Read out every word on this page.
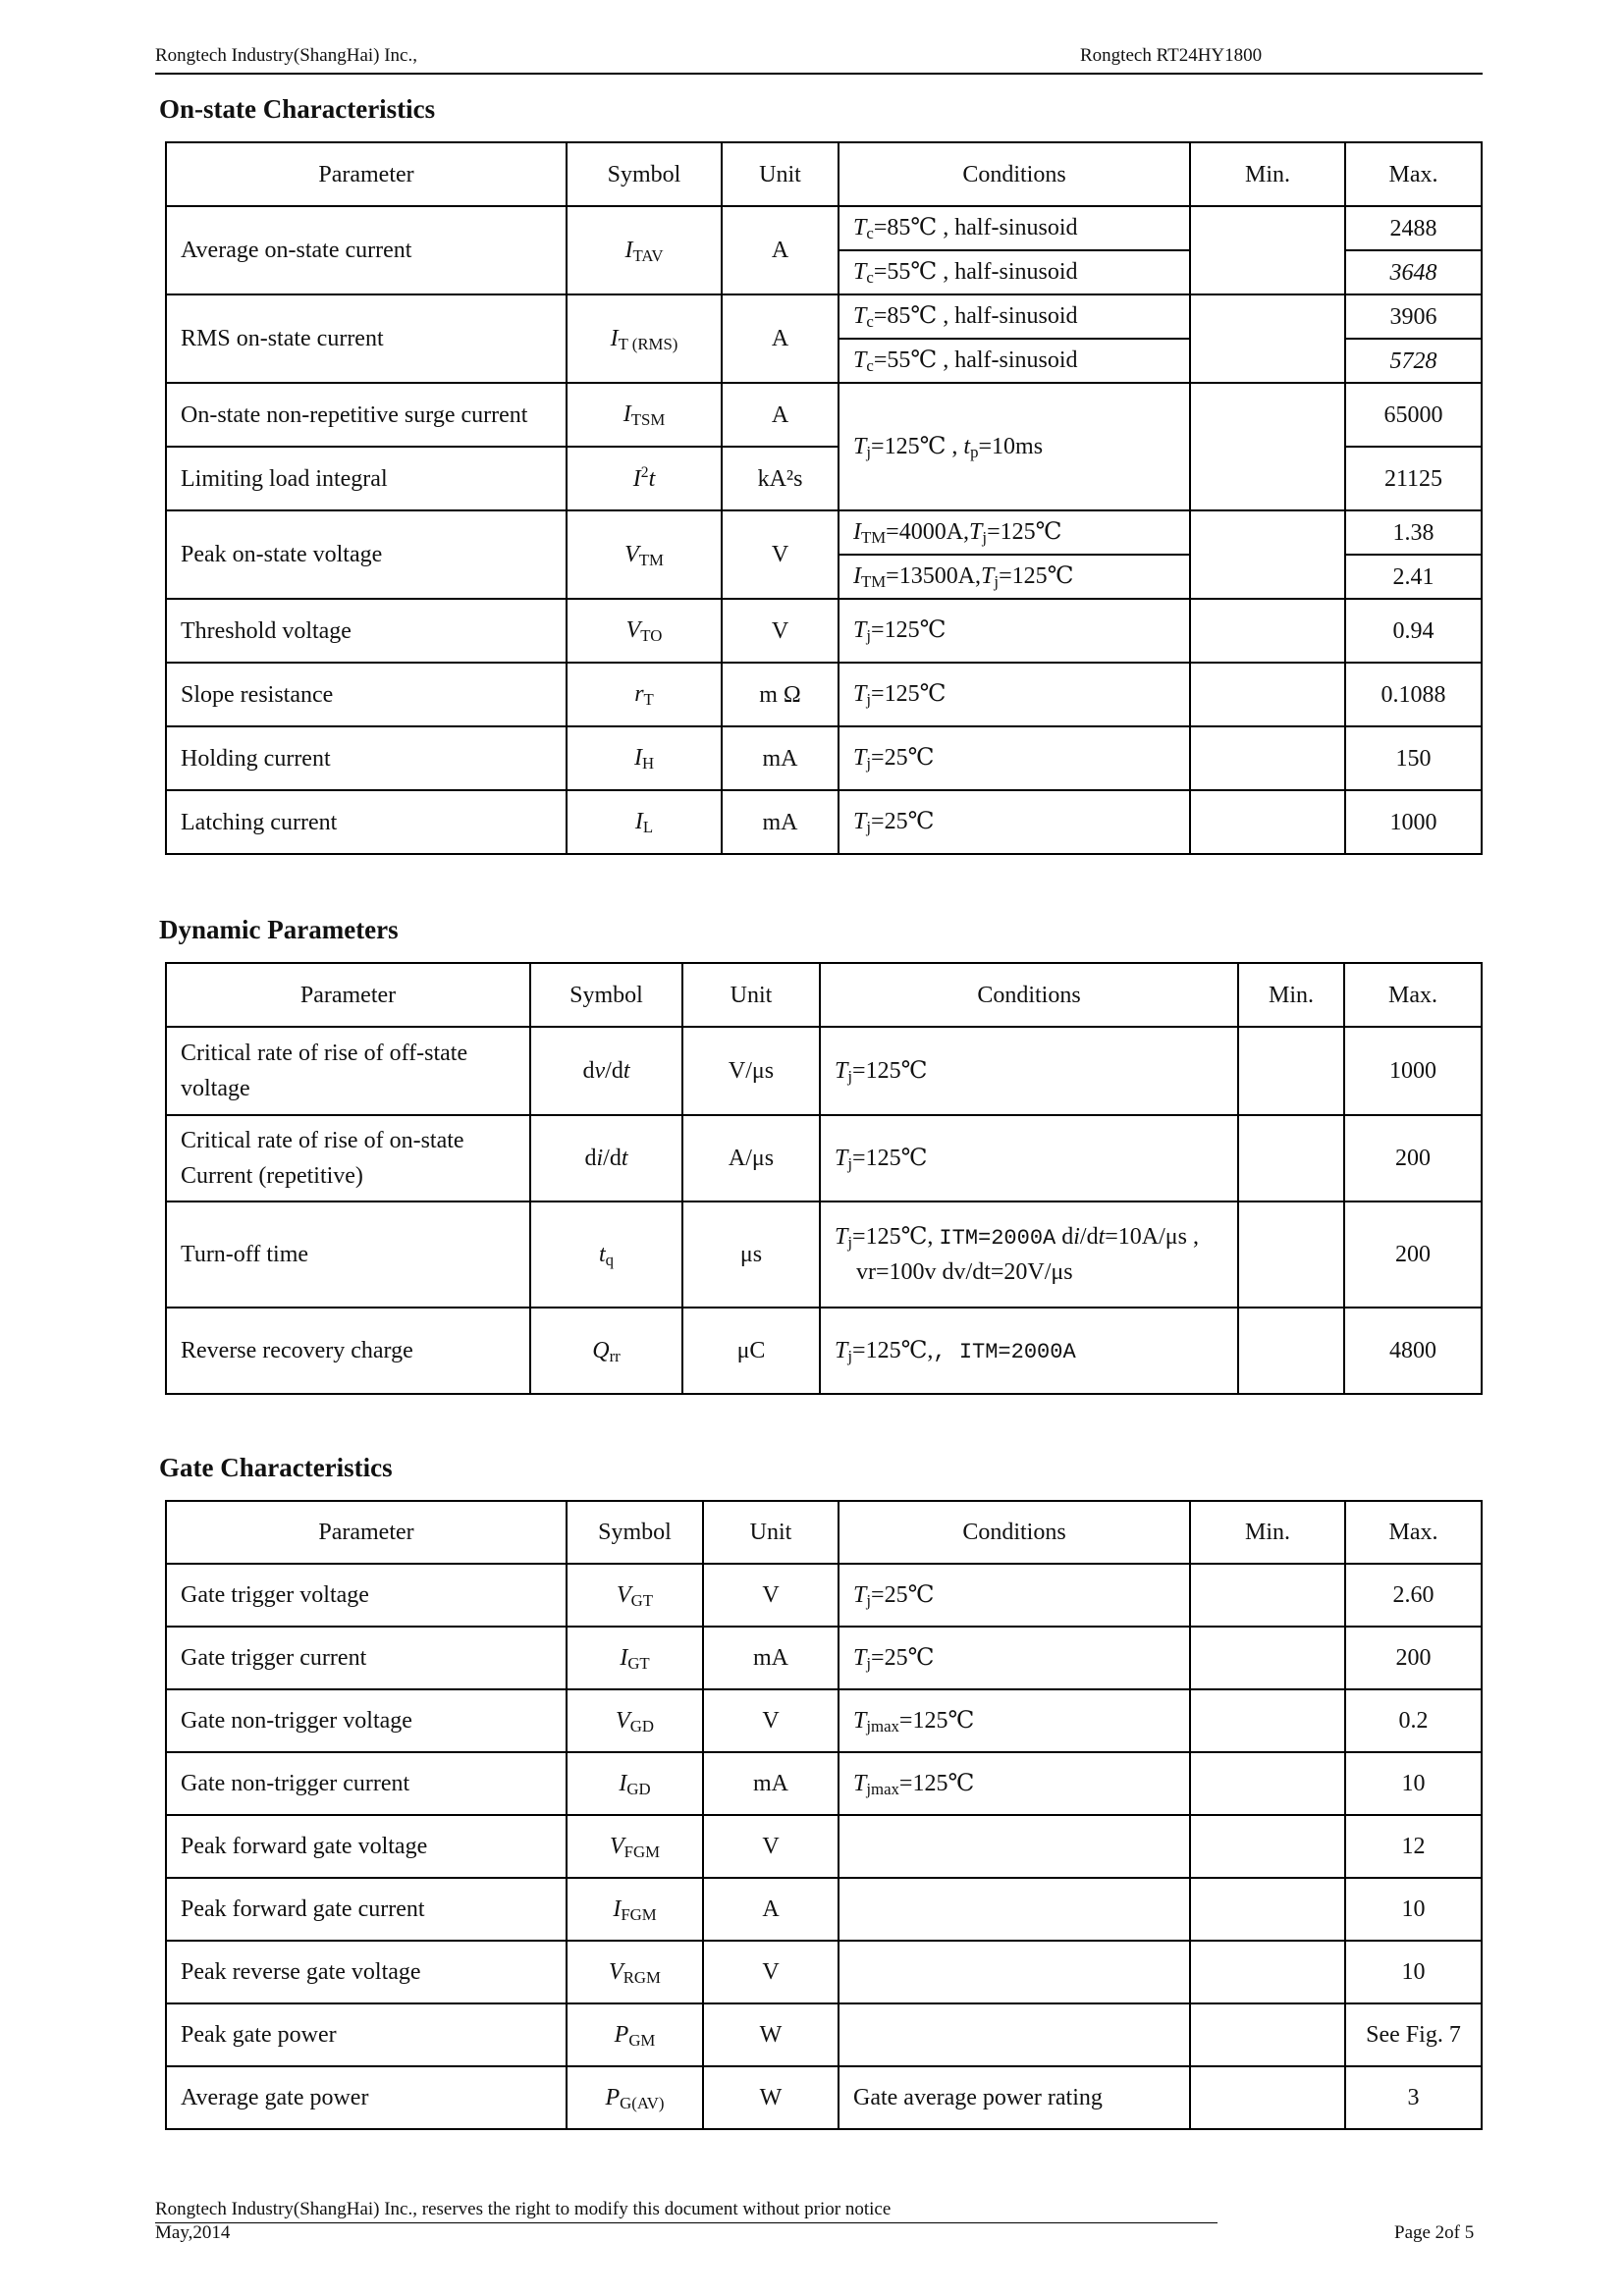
Rongtech Industry(ShangHai) Inc.,	Rongtech RT24HY1800
On-state Characteristics
Parameter	Symbol	Unit	Conditions	Min.	Max.
Average on-state current	$I_{TAV}$	A	$T_c=85℃$ , half-sinusoid		2488
			$T_c=55℃$ , half-sinusoid		3648
RMS on-state current	$I_{T (RMS)}$	A	$T_c=85℃$ , half-sinusoid		3906
			$T_c=55℃$ , half-sinusoid		5728
On-state non-repetitive surge current	$I_{TSM}$	A	$T_j=125℃$ , $t_p=10ms$		65000
Limiting load integral	$I^2t$	kA²s			21125
Peak on-state voltage	$V_{TM}$	V	$I_{TM}=4000A,T_j=125℃$		1.38
			$I_{TM}=13500A,T_j=125℃$		2.41
Threshold voltage	$V_{TO}$	V	$T_j=125℃$		0.94
Slope resistance	$r_T$	m Ω	$T_j=125℃$		0.1088
Holding current	$I_H$	mA	$T_j=25℃$		150
Latching current	$I_L$	mA	$T_j=25℃$		1000
Dynamic Parameters
Parameter	Symbol	Unit	Conditions	Min.	Max.
Critical rate of rise of off-state
voltage	dv/dt	V/μs	$T_j=125℃$		1000
Critical rate of rise of on-state
Current (repetitive)	di/dt	A/μs	$T_j=125℃$		200
Turn-off time	$t_q$	μs	$T_j=125℃$, ITM=2000A di/dt=10A/μs ,
vr=100v dv/dt=20V/μs		200
Reverse recovery charge	$Q_{rr}$	μC	$T_j=125℃$,, ITM=2000A		4800
Gate Characteristics
Parameter	Symbol	Unit	Conditions	Min.	Max.
Gate trigger voltage	$V_{GT}$	V	$T_j=25℃$		2.60
Gate trigger current	$I_{GT}$	mA	$T_j=25℃$		200
Gate non-trigger voltage	$V_{GD}$	V	$T_{jmax}=125℃$		0.2
Gate non-trigger current	$I_{GD}$	mA	$T_{jmax}=125℃$		10
Peak forward gate voltage	$V_{FGM}$	V			12
Peak forward gate current	$I_{FGM}$	A			10
Peak reverse gate voltage	$V_{RGM}$	V			10
Peak gate power	$P_{GM}$	W			See Fig. 7
Average gate power	$P_{G(AV)}$	W	Gate average power rating		3
Rongtech Industry(ShangHai) Inc., reserves the right to modify this document without prior notice
May,2014	Page 2of 5
